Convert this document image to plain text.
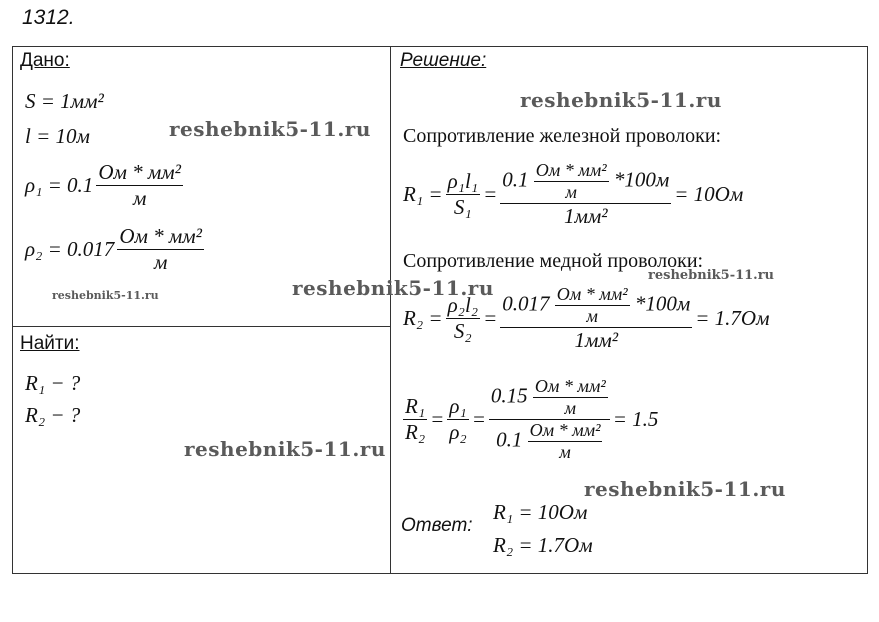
1312.
Дано:
S = 1мм²
l = 10м
ρ₁ = 0.1
Ом * мм²
м
ρ₂ = 0.017
Ом * мм²
м
Найти:
R₁ − ?
R₂ − ?
Решение:
Сопротивление железной проволоки:
$R_1 = \frac{\text{ρ₁l₁}}{\text{S₁}}$ =
0.1 Ом * мм²
м
*100м
1мм²
= 10Ом
Сопротивление медной проволоки:
$R_2 = \frac{\text{ρ₂l₂}}{\text{S₂}}$ =
0.017 Ом * мм²
м
*100м
1мм²
= 1.7Ом
$\frac{\text{R₁}}{\text{R₂}} = \frac{\text{ρ₁}}{\text{ρ₂}}$ =
0.15 Ом * мм²
м
0.1 Ом * мм²
м
= 1.5
Ответ:
R₁ = 10Ом
R₂ = 1.7Ом
reshebnik5-11.ru
reshebnik5-11.ru
reshebnik5-11.ru
reshebnik5-11.ru
reshebnik5-11.ru
reshebnik5-11.ru
reshebnik5-11.ru
